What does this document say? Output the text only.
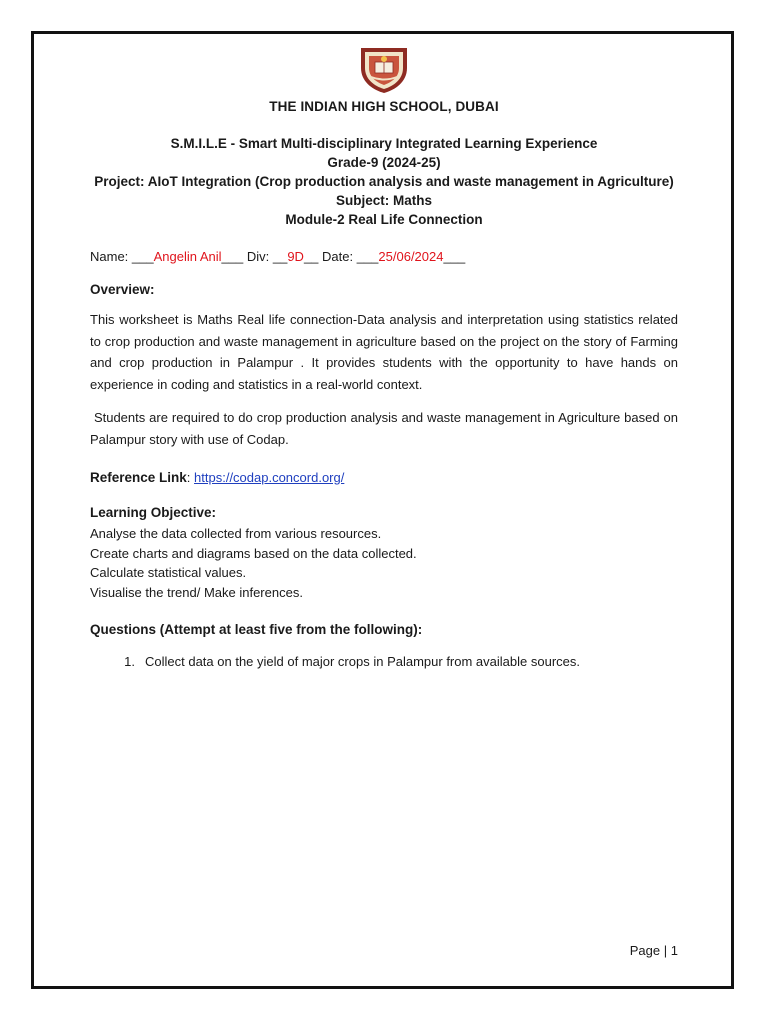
THE INDIAN HIGH SCHOOL, DUBAI
S.M.I.L.E - Smart Multi-disciplinary Integrated Learning Experience
Grade-9 (2024-25)
Project: AIoT Integration (Crop production analysis and waste management in Agriculture)
Subject: Maths
Module-2 Real Life Connection
Name: ___Angelin Anil___ Div: __9D__ Date: ___25/06/2024___
Overview:
This worksheet is Maths Real life connection-Data analysis and interpretation using statistics related to crop production and waste management in agriculture based on the project on the story of Farming and crop production in Palampur . It provides students with the opportunity to have hands on experience in coding and statistics in a real-world context.
Students are required to do crop production analysis and waste management in Agriculture based on Palampur story with use of Codap.
Reference Link: https://codap.concord.org/
Learning Objective:
Analyse the data collected from various resources.
Create charts and diagrams based on the data collected.
Calculate statistical values.
Visualise the trend/ Make inferences.
Questions (Attempt at least five from the following):
1. Collect data on the yield of major crops in Palampur from available sources.
Page | 1
